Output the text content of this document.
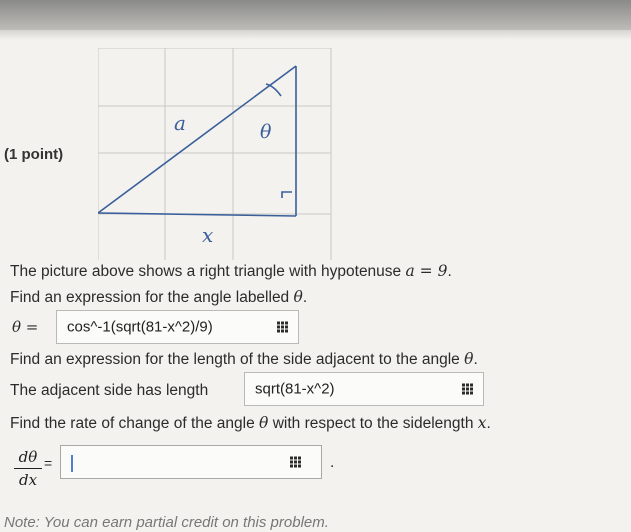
(1 point)
a	θ
x
The picture above shows a right triangle with hypotenuse a = 9.
Find an expression for the angle labelled θ.
θ = cos^-1(sqrt(81-x^2)/9)
Find an expression for the length of the side adjacent to the angle θ.
The adjacent side has length	sqrt(81-x^2)
Find the rate of change of the angle θ with respect to the sidelength x.
$\frac{d\theta}{dx}$ =	.
Note: You can earn partial credit on this problem.
